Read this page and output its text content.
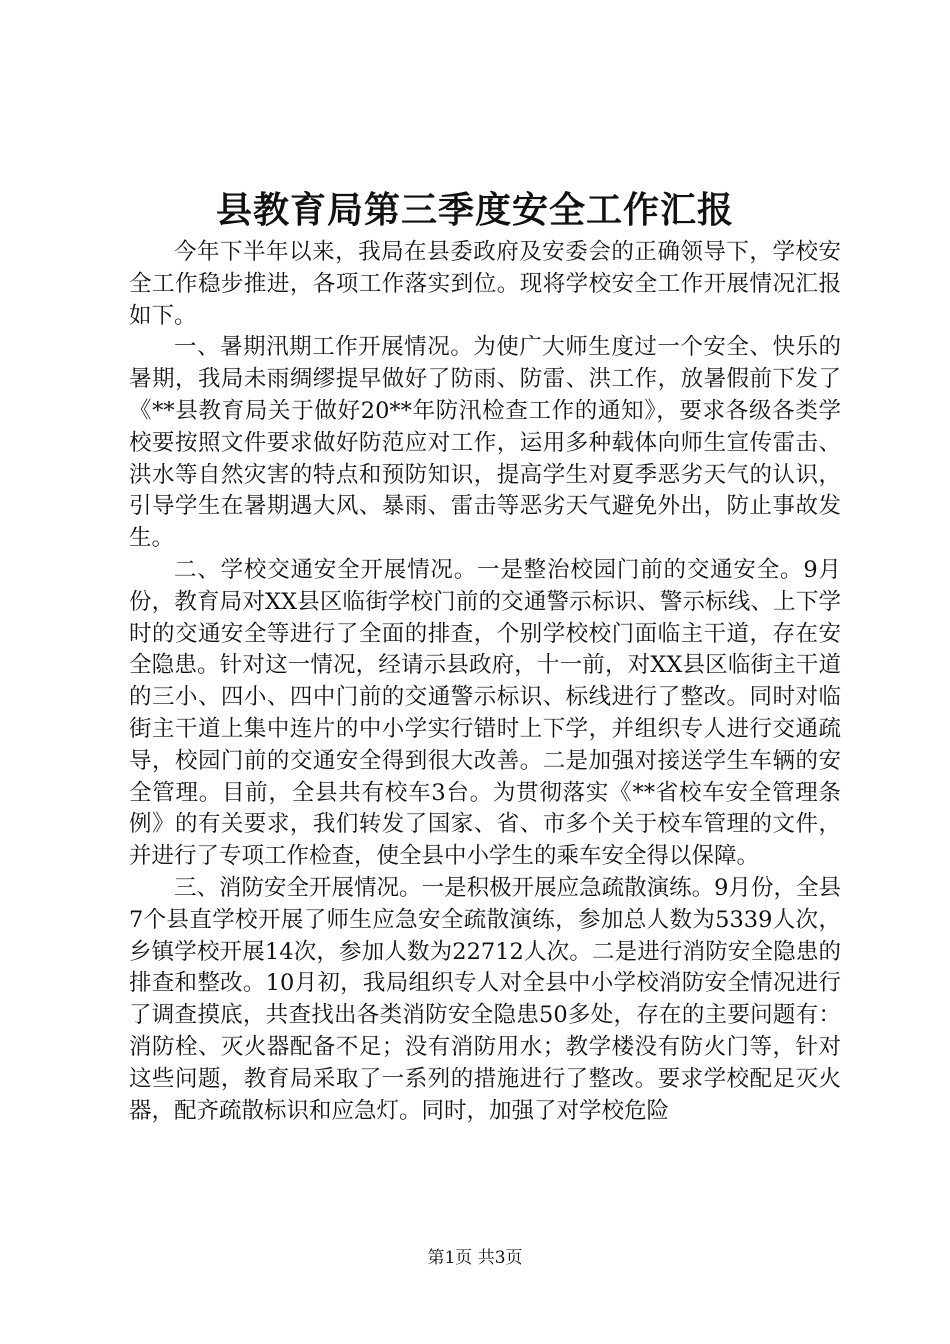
县教育局第三季度安全工作汇报

今年下半年以来，我局在县委政府及安委会的正确领导下，学校安全工作稳步推进，各项工作落实到位。现将学校安全工作开展情况汇报如下。

一、暑期汛期工作开展情况。为使广大师生度过一个安全、快乐的暑期，我局未雨绸缪提早做好了防雨、防雷、洪工作，放暑假前下发了《**县教育局关于做好20**年防汛检查工作的通知》，要求各级各类学校要按照文件要求做好防范应对工作，运用多种载体向师生宣传雷击、洪水等自然灾害的特点和预防知识，提高学生对夏季恶劣天气的认识，引导学生在暑期遇大风、暴雨、雷击等恶劣天气避免外出，防止事故发生。

二、学校交通安全开展情况。一是整治校园门前的交通安全。9月份，教育局对XX县区临街学校门前的交通警示标识、警示标线、上下学时的交通安全等进行了全面的排查，个别学校校门面临主干道，存在安全隐患。针对这一情况，经请示县政府，十一前，对XX县区临街主干道的三小、四小、四中门前的交通警示标识、标线进行了整改。同时对临街主干道上集中连片的中小学实行错时上下学，并组织专人进行交通疏导，校园门前的交通安全得到很大改善。二是加强对接送学生车辆的安全管理。目前，全县共有校车3台。为贯彻落实《**省校车安全管理条例》的有关要求，我们转发了国家、省、市多个关于校车管理的文件，并进行了专项工作检查，使全县中小学生的乘车安全得以保障。

三、消防安全开展情况。一是积极开展应急疏散演练。9月份，全县7个县直学校开展了师生应急安全疏散演练，参加总人数为5339人次，乡镇学校开展14次，参加人数为22712人次。二是进行消防安全隐患的排查和整改。10月初，我局组织专人对全县中小学校消防安全情况进行了调查摸底，共查找出各类消防安全隐患50多处，存在的主要问题有：消防栓、灭火器配备不足；没有消防用水；教学楼没有防火门等，针对这些问题，教育局采取了一系列的措施进行了整改。要求学校配足灭火器，配齐疏散标识和应急灯。同时，加强了对学校危险

第1页 共3页
